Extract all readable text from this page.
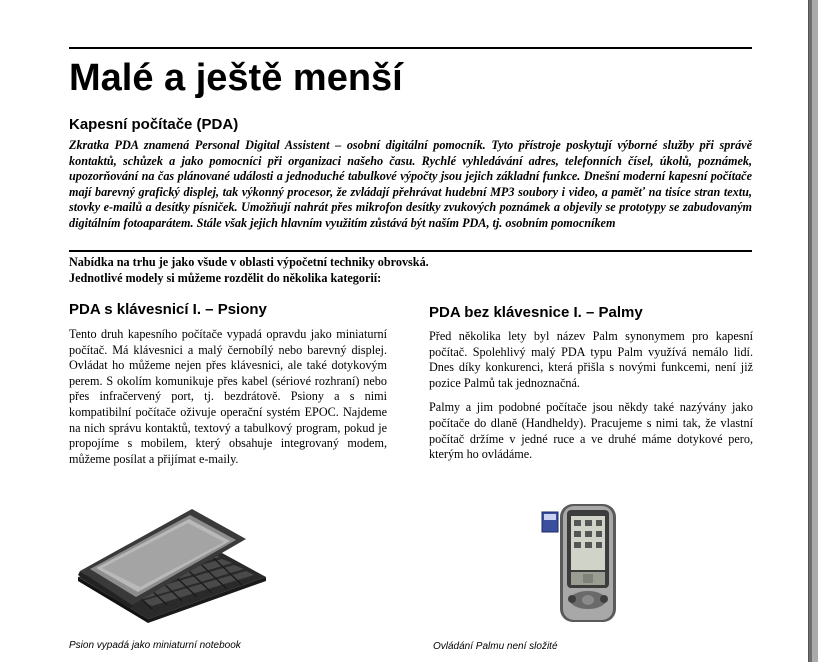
Malé a ještě menší
Kapesní počítače (PDA)

Zkratka PDA znamená Personal Digital Assistent – osobní digitální pomocník. Tyto přístroje poskytují výborné služby při správě kontaktů, schůzek a jako pomocníci při organizaci našeho času. Rychlé vyhledávání adres, telefonních čísel, úkolů, poznámek, upozorňování na čas plánované události a jednoduché tabulkové výpočty jsou jejich základní funkce. Dnešní moderní kapesní počítače mají barevný grafický displej, tak výkonný procesor, že zvládají přehrávat hudební MP3 soubory i video, a paměť na tisíce stran textu, stovky e-mailů a desítky písniček. Umožňují nahrát přes mikrofon desítky zvukových poznámek a objevily se prototypy se zabudovaným digitálním fotoaparátem. Stále však jejich hlavním využitím zůstává být naším PDA, tj. osobním pomocníkem

Nabídka na trhu je jako všude v oblasti výpočetní techniky obrovská.
Jednotlivé modely si můžeme rozdělit do několika kategorií:
PDA s klávesnicí I. – Psiony

Tento druh kapesního počítače vypadá opravdu jako miniaturní počítač. Má klávesnici a malý černobílý nebo barevný displej. Ovládat ho můžeme nejen přes klávesnici, ale také dotykovým perem. S okolím komunikuje přes kabel (sériové rozhraní) nebo přes infračervený port, tj. bezdrátově. Psiony a s nimi kompatibilní počítače oživuje operační systém EPOC. Najdeme na nich správu kontaktů, textový a tabulkový program, pokud je propojíme s mobilem, který obsahuje integrovaný modem, můžeme posílat a přijímat e-maily.

Psion vypadá jako miniaturní notebook
PDA bez klávesnice I. – Palmy

Před několika lety byl název Palm synonymem pro kapesní počítač. Spolehlivý malý PDA typu Palm využívá nemálo lidí. Dnes díky konkurenci, která přišla s novými funkcemi, není již pozice Palmů tak jednoznačná.

Palmy a jim podobné počítače jsou někdy také nazývány jako počítače do dlaně (Handheldy). Pracujeme s nimi tak, že vlastní počítač držíme v jedné ruce a ve druhé máme dotykové pero, kterým ho ovládáme.

Ovládání Palmu není složité
